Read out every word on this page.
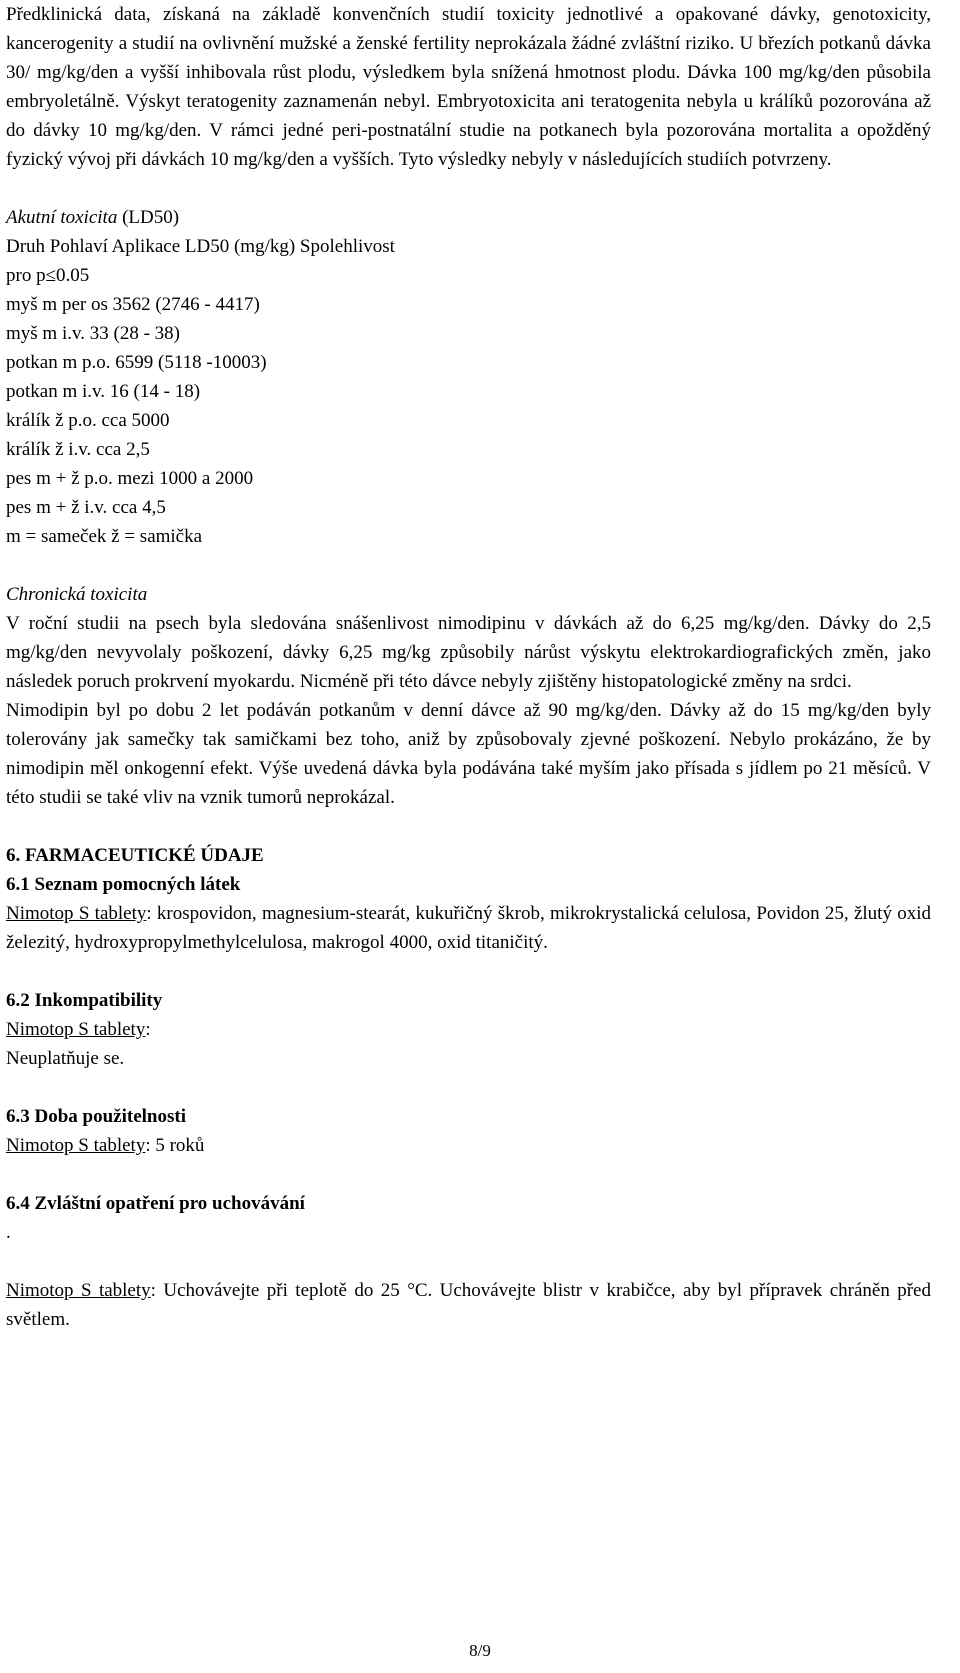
Předklinická data, získaná na základě konvenčních studií toxicity jednotlivé a opakované dávky, genotoxicity, kancerogenity a studií na ovlivnění mužské a ženské fertility neprokázala žádné zvláštní riziko. U březích potkanů dávka 30/ mg/kg/den a vyšší inhibovala růst plodu, výsledkem byla snížená hmotnost plodu. Dávka 100 mg/kg/den působila embryoletálně. Výskyt teratogenity zaznamenán nebyl. Embryotoxicita ani teratogenita nebyla u králíků pozorována až do dávky 10 mg/kg/den. V rámci jedné peri-postnatální studie na potkanech byla pozorována mortalita a opožděný fyzický vývoj při dávkách 10 mg/kg/den a vyšších. Tyto výsledky nebyly v následujících studiích potvrzeny.

Akutní toxicita (LD50)

Druh Pohlaví Aplikace LD50 (mg/kg) Spolehlivost

pro p≤0.05

myš m per os 3562 (2746 - 4417)
myš m i.v. 33 (28 - 38)
potkan m p.o. 6599 (5118 -10003)
potkan m i.v. 16 (14 - 18)
králík ž p.o. cca 5000
králík ž i.v. cca 2,5
pes m + ž p.o. mezi 1000 a 2000
pes m + ž i.v. cca 4,5

m = sameček ž = samička

Chronická toxicita

V roční studii na psech byla sledována snášenlivost nimodipinu v dávkách až do 6,25 mg/kg/den. Dávky do 2,5 mg/kg/den nevyvolaly poškození, dávky 6,25 mg/kg způsobily nárůst výskytu elektrokardiografických změn, jako následek poruch prokrvení myokardu. Nicméně při této dávce nebyly zjištěny histopatologické změny na srdci.

Nimodipin byl po dobu 2 let podáván potkanům v denní dávce až 90 mg/kg/den. Dávky až do 15 mg/kg/den byly tolerovány jak samečky tak samičkami bez toho, aniž by způsobovaly zjevné poškození. Nebylo prokázáno, že by nimodipin měl onkogenní efekt. Výše uvedená dávka byla podávána také myším jako přísada s jídlem po 21 měsíců. V této studii se také vliv na vznik tumorů neprokázal.

6. FARMACEUTICKÉ ÚDAJE

6.1 Seznam pomocných látek

Nimotop S tablety: krospovidon, magnesium-stearát, kukuřičný škrob, mikrokrystalická celulosa, Povidon 25, žlutý oxid železitý, hydroxypropylmethylcelulosa, makrogol 4000, oxid titaničitý.

6.2 Inkompatibility

Nimotop S tablety:

Neuplatňuje se.

6.3 Doba použitelnosti

Nimotop S tablety: 5 roků

6.4 Zvláštní opatření pro uchovávání

.

Nimotop S tablety: Uchovávejte při teplotě do 25 °C. Uchovávejte blistr v krabičce, aby byl přípravek chráněn před světlem.

8/9
